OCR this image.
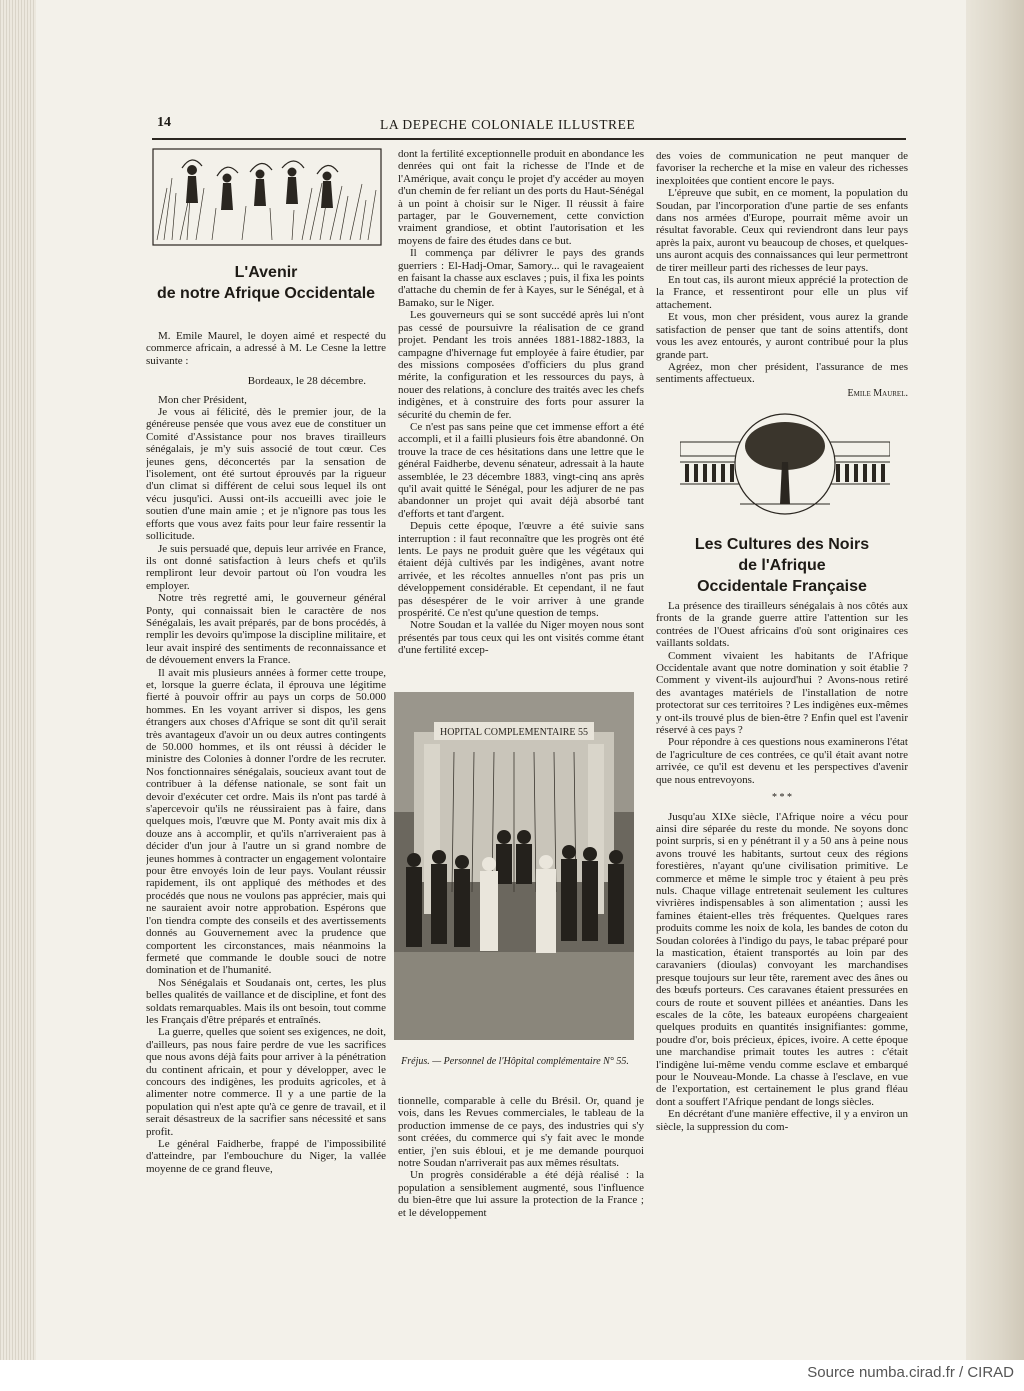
Source numba.cirad.fr / CIRAD
14	LA DEPECHE COLONIALE ILLUSTREE
L'Avenir
de notre Afrique Occidentale

M. Emile Maurel, le doyen aimé et respecté du commerce africain, a adressé à M. Le Cesne la lettre suivante :

Bordeaux, le 28 décembre.

Mon cher Président,

Je vous ai félicité, dès le premier jour, de la généreuse pensée que vous avez eue de constituer un Comité d'Assistance pour nos braves tirailleurs sénégalais, je m'y suis associé de tout cœur. Ces jeunes gens, déconcertés par la sensation de l'isolement, ont été surtout éprouvés par la rigueur d'un climat si différent de celui sous lequel ils ont vécu jusqu'ici. Aussi ont-ils accueilli avec joie le soutien d'une main amie ; et je n'ignore pas tous les efforts que vous avez faits pour leur faire ressentir la sollicitude.

Je suis persuadé que, depuis leur arrivée en France, ils ont donné satisfaction à leurs chefs et qu'ils rempliront leur devoir partout où l'on voudra les employer.

Notre très regretté ami, le gouverneur général Ponty, qui connaissait bien le caractère de nos Sénégalais, les avait préparés, par de bons procédés, à remplir les devoirs qu'impose la discipline militaire, et leur avait inspiré des sentiments de reconnaissance et de dévouement envers la France.

Il avait mis plusieurs années à former cette troupe, et, lorsque la guerre éclata, il éprouva une légitime fierté à pouvoir offrir au pays un corps de 50.000 hommes. En les voyant arriver si dispos, les gens étrangers aux choses d'Afrique se sont dit qu'il serait très avantageux d'avoir un ou deux autres contingents de 50.000 hommes, et ils ont réussi à décider le ministre des Colonies à donner l'ordre de les recruter. Nos fonctionnaires sénégalais, soucieux avant tout de contribuer à la défense nationale, se sont fait un devoir d'exécuter cet ordre. Mais ils n'ont pas tardé à s'apercevoir qu'ils ne réussiraient pas à faire, dans quelques mois, l'œuvre que M. Ponty avait mis dix à douze ans à accomplir, et qu'ils n'arriveraient pas à décider d'un jour à l'autre un si grand nombre de jeunes hommes à contracter un engagement volontaire pour être envoyés loin de leur pays. Voulant réussir rapidement, ils ont appliqué des méthodes et des procédés que nous ne voulons pas apprécier, mais qui ne sauraient avoir notre approbation. Espérons que l'on tiendra compte des conseils et des avertissements donnés au Gouvernement avec la prudence que comportent les circonstances, mais néanmoins la fermeté que commande le double souci de notre domination et de l'humanité.

Nos Sénégalais et Soudanais ont, certes, les plus belles qualités de vaillance et de discipline, et font des soldats remarquables. Mais ils ont besoin, tout comme les Français d'être préparés et entraînés.

La guerre, quelles que soient ses exigences, ne doit, d'ailleurs, pas nous faire perdre de vue les sacrifices que nous avons déjà faits pour arriver à la pénétration du continent africain, et pour y développer, avec le concours des indigènes, les produits agricoles, et à alimenter notre commerce. Il y a une partie de la population qui n'est apte qu'à ce genre de travail, et il serait désastreux de la sacrifier sans nécessité et sans profit.

Le général Faidherbe, frappé de l'impossibilité d'atteindre, par l'embouchure du Niger, la vallée moyenne de ce grand fleuve,

dont la fertilité exceptionnelle produit en abondance les denrées qui ont fait la richesse de l'Inde et de l'Amérique, avait conçu le projet d'y accéder au moyen d'un chemin de fer reliant un des ports du Haut-Sénégal à un point à choisir sur le Niger. Il réussit à faire partager, par le Gouvernement, cette conviction vraiment grandiose, et obtint l'autorisation et les moyens de faire des études dans ce but.

Il commença par délivrer le pays des grands guerriers : El-Hadj-Omar, Samory... qui le ravageaient en faisant la chasse aux esclaves ; puis, il fixa les points d'attache du chemin de fer à Kayes, sur le Sénégal, et à Bamako, sur le Niger.

Les gouverneurs qui se sont succédé après lui n'ont pas cessé de poursuivre la réalisation de ce grand projet. Pendant les trois années 1881-1882-1883, la campagne d'hivernage fut employée à faire étudier, par des missions composées d'officiers du plus grand mérite, la configuration et les ressources du pays, à nouer des relations, à conclure des traités avec les chefs indigènes, et à construire des forts pour assurer la sécurité du chemin de fer.

Ce n'est pas sans peine que cet immense effort a été accompli, et il a failli plusieurs fois être abandonné. On trouve la trace de ces hésitations dans une lettre que le général Faidherbe, devenu sénateur, adressait à la haute assemblée, le 23 décembre 1883, vingt-cinq ans après qu'il avait quitté le Sénégal, pour les adjurer de ne pas abandonner un projet qui avait déjà absorbé tant d'efforts et tant d'argent.

Depuis cette époque, l'œuvre a été suivie sans interruption : il faut reconnaître que les progrès ont été lents. Le pays ne produit guère que les végétaux qui étaient déjà cultivés par les indigènes, avant notre arrivée, et les récoltes annuelles n'ont pas pris un développement considérable. Et cependant, il ne faut pas désespérer de le voir arriver à une grande prospérité. Ce n'est qu'une question de temps.

Notre Soudan et la vallée du Niger moyen nous sont présentés par tous ceux qui les ont visités comme étant d'une fertilité excep-

HOPITAL COMPLEMENTAIRE 55
Fréjus. — Personnel de l'Hôpital complémentaire N° 55.

tionnelle, comparable à celle du Brésil. Or, quand je vois, dans les Revues commerciales, le tableau de la production immense de ce pays, des industries qui s'y sont créées, du commerce qui s'y fait avec le monde entier, j'en suis ébloui, et je me demande pourquoi notre Soudan n'arriverait pas aux mêmes résultats.

Un progrès considérable a été déjà réalisé : la population a sensiblement augmenté, sous l'influence du bien-être que lui assure la protection de la France ; et le développement

des voies de communication ne peut manquer de favoriser la recherche et la mise en valeur des richesses inexploitées que contient encore le pays.

L'épreuve que subit, en ce moment, la population du Soudan, par l'incorporation d'une partie de ses enfants dans nos armées d'Europe, pourrait même avoir un résultat favorable. Ceux qui reviendront dans leur pays après la paix, auront vu beaucoup de choses, et quelques-uns auront acquis des connaissances qui leur permettront de tirer meilleur parti des richesses de leur pays.

En tout cas, ils auront mieux apprécié la protection de la France, et ressentiront pour elle un plus vif attachement.

Et vous, mon cher président, vous aurez la grande satisfaction de penser que tant de soins attentifs, dont vous les avez entourés, y auront contribué pour la plus grande part.

Agréez, mon cher président, l'assurance de mes sentiments affectueux.

Emile Maurel.

Les Cultures des Noirs
de l'Afrique
Occidentale Française

La présence des tirailleurs sénégalais à nos côtés aux fronts de la grande guerre attire l'attention sur les contrées de l'Ouest africains d'où sont originaires ces vaillants soldats.

Comment vivaient les habitants de l'Afrique Occidentale avant que notre domination y soit établie ? Comment y vivent-ils aujourd'hui ? Avons-nous retiré des avantages matériels de l'installation de notre protectorat sur ces territoires ? Les indigènes eux-mêmes y ont-ils trouvé plus de bien-être ? Enfin quel est l'avenir réservé à ces pays ?

Pour répondre à ces questions nous examinerons l'état de l'agriculture de ces contrées, ce qu'il était avant notre arrivée, ce qu'il est devenu et les perspectives d'avenir que nous entrevoyons.

* * *

Jusqu'au XIXe siècle, l'Afrique noire a vécu pour ainsi dire séparée du reste du monde. Ne soyons donc point surpris, si en y pénétrant il y a 50 ans à peine nous avons trouvé les habitants, surtout ceux des régions forestières, n'ayant qu'une civilisation primitive. Le commerce et même le simple troc y étaient à peu près nuls. Chaque village entretenait seulement les cultures vivrières indispensables à son alimentation ; aussi les famines étaient-elles très fréquentes. Quelques rares produits comme les noix de kola, les bandes de coton du Soudan colorées à l'indigo du pays, le tabac préparé pour la mastication, étaient transportés au loin par des caravaniers (dioulas) convoyant les marchandises presque toujours sur leur tête, rarement avec des ânes ou des bœufs porteurs. Ces caravanes étaient pressurées en cours de route et souvent pillées et anéanties. Dans les escales de la côte, les bateaux européens chargeaient quelques produits en quantités insignifiantes: gomme, poudre d'or, bois précieux, épices, ivoire. A cette époque une marchandise primait toutes les autres : c'était l'indigène lui-même vendu comme esclave et embarqué pour le Nouveau-Monde. La chasse à l'esclave, en vue de l'exportation, est certainement le plus grand fléau dont a souffert l'Afrique pendant de longs siècles.

En décrétant d'une manière effective, il y a environ un siècle, la suppression du com-
